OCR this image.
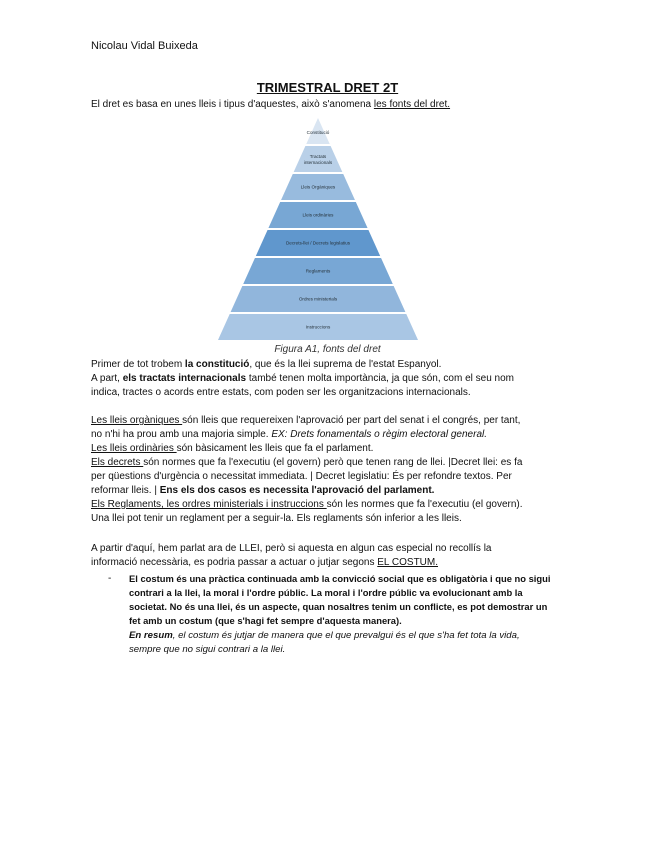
Nicolau Vidal Buixeda
TRIMESTRAL DRET 2T
El dret es basa en unes lleis i tipus d'aquestes, això s'anomena les fonts del dret.
Constitució
Tractats internacionals
Lleis Orgàniques
Lleis ordinàries
Decrets-llei / Decrets legislatius
Reglaments
Ordres ministerials
Instruccions
Figura A1, fonts del dret
Primer de tot trobem la constitució, que és la llei suprema de l'estat Espanyol.
A part, els tractats internacionals també tenen molta importància, ja que són, com el seu nom
indica, tractes o acords entre estats, com poden ser les organitzacions internacionals.
Les lleis orgàniques són lleis que requereixen l'aprovació per part del senat i el congrés, per tant,
no n'hi ha prou amb una majoria simple. EX: Drets fonamentals o règim electoral general.
Les lleis ordinàries són bàsicament les lleis que fa el parlament.
Els decrets són normes que fa l'executiu (el govern) però que tenen rang de llei. |Decret llei: es fa
per qüestions d'urgència o necessitat immediata. | Decret legislatiu: És per refondre textos. Per
reformar lleis. | Ens els dos casos es necessita l'aprovació del parlament.
Els Reglaments, les ordres ministerials i instruccions són les normes que fa l'executiu (el govern).
Una llei pot tenir un reglament per a seguir-la. Els reglaments són inferior a les lleis.
A partir d'aquí, hem parlat ara de LLEI, però si aquesta en algun cas especial no recollís la
informació necessària, es podria passar a actuar o jutjar segons EL COSTUM.
- El costum és una pràctica continuada amb la convicció social que es obligatòria i que no sigui
contrari a la llei, la moral i l'ordre públic. La moral i l'ordre públic va evolucionant amb la
societat. No és una llei, és un aspecte, quan nosaltres tenim un conflicte, es pot demostrar un
fet amb un costum (que s'hagi fet sempre d'aquesta manera).
En resum, el costum és jutjar de manera que el que prevalgui és el que s'ha fet tota la vida,
sempre que no sigui contrari a la llei.
